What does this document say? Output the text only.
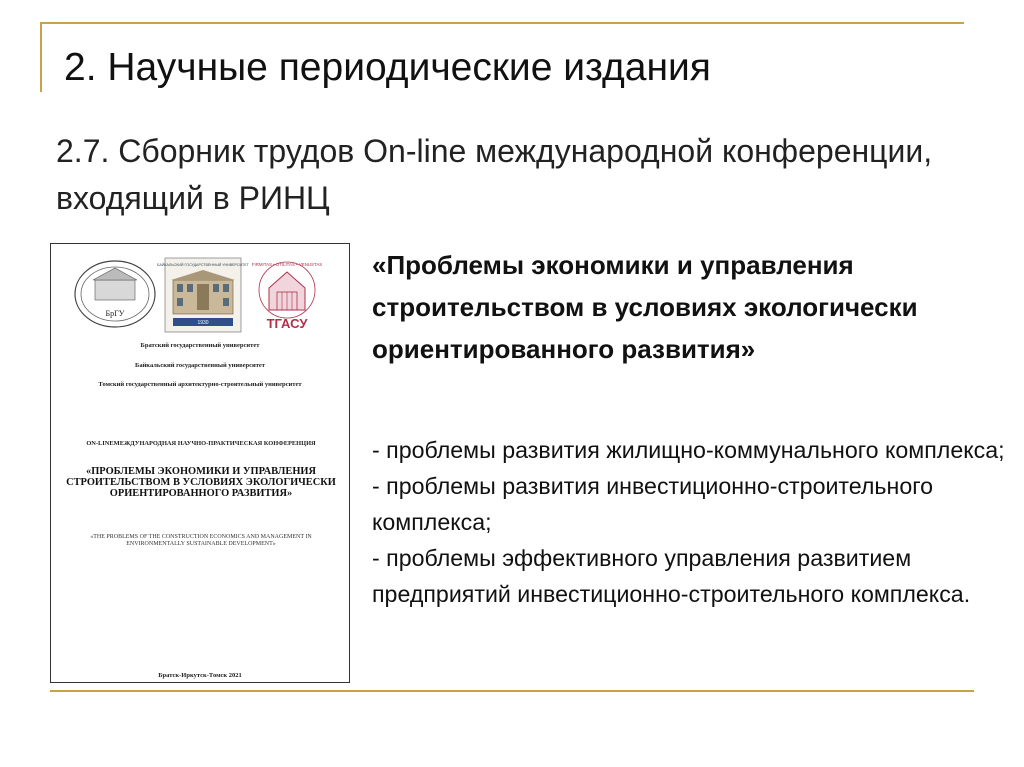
2. Научные периодические издания
2.7. Сборник трудов On-line международной конференции, входящий в РИНЦ
БрГУ
БАЙКАЛЬСКИЙ ГОСУДАРСТВЕННЫЙ УНИВЕРСИТЕТ
1930
FIRMITAS • UTILITAS • VENUSTAS
ТГАСУ
Братский государственный университет
Байкальский государственный университет
Томский государственный архитектурно-строительный университет
ON-LINEМЕЖДУНАРОДНАЯ НАУЧНО-ПРАКТИЧЕСКАЯ КОНФЕРЕНЦИЯ
«ПРОБЛЕМЫ ЭКОНОМИКИ И УПРАВЛЕНИЯ СТРОИТЕЛЬСТВОМ В УСЛОВИЯХ ЭКОЛОГИЧЕСКИ ОРИЕНТИРОВАННОГО РАЗВИТИЯ»
«THE PROBLEMS OF THE CONSTRUCTION ECONOMICS AND MANAGEMENT IN ENVIRONMENTALLY SUSTAINABLE DEVELOPMENT»
Братск-Иркутск-Томск 2021
«Проблемы экономики и управления строительством в условиях экологически ориентированного развития»
- проблемы развития жилищно-коммунального комплекса;
- проблемы развития инвестиционно-строительного комплекса;
- проблемы эффективного управления развитием предприятий инвестиционно-строительного комплекса.
